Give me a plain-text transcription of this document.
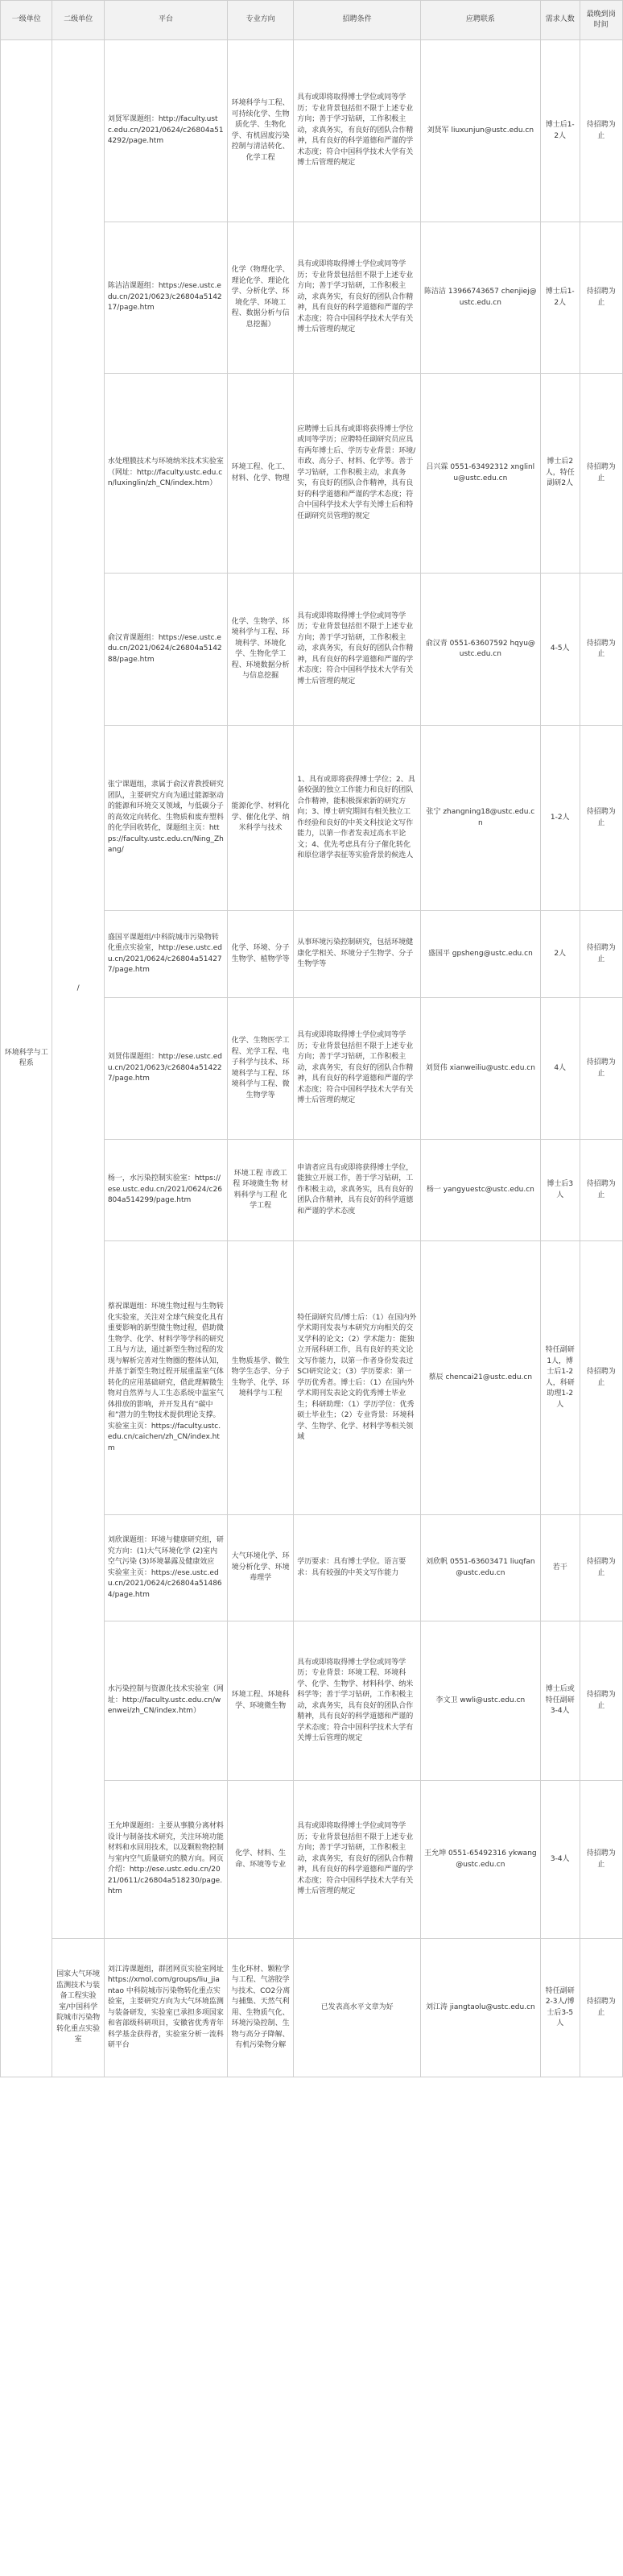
一级单位	二级单位	平台	专业方向	招聘条件	应聘联系	需求人数	最晚到岗时间
环境科学与工程系	/	刘贤军课题组：http://faculty.ustc.edu.cn/2021/0624/c26804a514292/page.htm	环境科学与工程、可持续化学、生物质化学、生物化学、有机固废污染控制与清洁转化、化学工程	具有或即将取得博士学位或同等学历；专业背景包括但不限于上述专业方向；善于学习钻研，工作积极主动，求真务实，有良好的团队合作精神，具有良好的科学道德和严谨的学术态度；符合中国科学技术大学有关博士后管理的规定	刘贤军 liuxunjun@ustc.edu.cn	博士后1-2人	待招聘为止
		陈洁洁课题组：https://ese.ustc.edu.cn/2021/0623/c26804a514217/page.htm	化学（物理化学、理论化学、理论化学、分析化学、环境化学、环境工程、数据分析与信息挖掘）	具有或即将取得博士学位或同等学历；专业背景包括但不限于上述专业方向；善于学习钻研，工作积极主动，求真务实，有良好的团队合作精神，具有良好的科学道德和严谨的学术态度；符合中国科学技术大学有关博士后管理的规定	陈洁洁 13966743657 chenjiej@ustc.edu.cn	博士后1-2人	待招聘为止
		水处理膜技术与环境纳米技术实验室（网址：http://faculty.ustc.edu.cn/luxinglin/zh_CN/index.htm）	环境工程、化工、材料、化学、物理	应聘博士后具有或即将获得博士学位或同等学历；应聘特任副研究员应具有两年博士后、学历专业背景：环境/市政、高分子、材料、化学等。善于学习钻研，工作积极主动，求真务实，有良好的团队合作精神，具有良好的科学道德和严谨的学术态度；符合中国科学技术大学有关博士后和特任副研究员管理的规定	吕兴霖 0551-63492312 xnglinlu@ustc.edu.cn	博士后2人，特任副研2人	待招聘为止
		俞汉青课题组：https://ese.ustc.edu.cn/2021/0624/c26804a514288/page.htm	化学、生物学、环境科学与工程、环境科学、环境化学、生物化学工程、环境数据分析与信息挖掘	具有或即将取得博士学位或同等学历；专业背景包括但不限于上述专业方向；善于学习钻研，工作积极主动，求真务实，有良好的团队合作精神，具有良好的科学道德和严谨的学术态度；符合中国科学技术大学有关博士后管理的规定	俞汉青 0551-63607592 hqyu@ustc.edu.cn	4-5人	待招聘为止
		张宁课题组，隶属于俞汉青教授研究团队，主要研究方向为通过能源驱动的能源和环境交叉领域，与低碳分子的高效定向转化、生物质和废弃塑料的化学回收转化，课题组主页：https://faculty.ustc.edu.cn/Ning_Zhang/	能源化学、材料化学、催化化学、纳米科学与技术	1、具有或即将获得博士学位；2、具备较强的独立工作能力和良好的团队合作精神，能积极探索新的研究方向；3、博士研究期间有相关独立工作经验和良好的中英文科技论文写作能力，以第一作者发表过高水平论文；4、优先考虑具有分子催化转化和原位谱学表征等实验背景的候选人	张宁 zhangning18@ustc.edu.cn	1-2人	待招聘为止
		盛国平课题组/中科院城市污染物转化重点实验室，http://ese.ustc.edu.cn/2021/0624/c26804a514277/page.htm	化学、环境、分子生物学、植物学等	从事环境污染控制研究，包括环境健康化学相关、环境分子生物学、分子生物学等	盛国平 gpsheng@ustc.edu.cn	2人	待招聘为止
		刘贤伟课题组：http://ese.ustc.edu.cn/2021/0623/c26804a514227/page.htm	化学、生物医学工程、光学工程、电子科学与技术、环境科学与工程、环境科学与工程、微生物学等	具有或即将取得博士学位或同等学历；专业背景包括但不限于上述专业方向；善于学习钻研，工作积极主动，求真务实，有良好的团队合作精神，具有良好的科学道德和严谨的学术态度；符合中国科学技术大学有关博士后管理的规定	刘贤伟 xianweiliu@ustc.edu.cn	4人	待招聘为止
		杨一，水污染控制实验室：https://ese.ustc.edu.cn/2021/0624/c26804a514299/page.htm	环境工程 市政工程 环境微生物 材料科学与工程 化学工程	申请者应具有或即将获得博士学位，能独立开展工作，善于学习钻研，工作积极主动，求真务实，具有良好的团队合作精神，具有良好的科学道德和严谨的学术态度	杨一 yangyuestc@ustc.edu.cn	博士后3人	待招聘为止
		蔡祝课题组：环境生物过程与生物转化实验室，关注对全球气候变化具有重要影响的新型微生物过程，借助微生物学、化学、材料学等学科的研究工具与方法，通过新型生物过程的发现与解析完善对生物圈的整体认知，并基于新型生物过程开展重温室气体转化的应用基础研究，借此理解微生物对自然界与人工生态系统中温室气体排放的影响，并开发具有“碳中和”潜力的生物技术提供理论支撑。实验室主页：https://faculty.ustc.edu.cn/caichen/zh_CN/index.htm	生物质基学、微生物学生态学、分子生物学、化学、环境科学与工程	特任副研究员/博士后：（1）在国内外学术期刊发表与本研究方向相关的交叉学科的论文；（2）学术能力：能独立开展科研工作，具有良好的英文论文写作能力，以第一作者身份发表过SCI研究论文；（3）学历要求：第一学历优秀者。博士后：（1）在国内外学术期刊发表论文的优秀博士毕业生；科研助理：（1）学历学位：优秀硕士毕业生；（2）专业背景：环境科学、生物学、化学、材料学等相关领域	蔡辰 chencai21@ustc.edu.cn	特任副研1人，博士后1-2人，科研助理1-2人	待招聘为止
		刘欣课题组：环境与健康研究组，研究方向：(1)大气环境化学 (2)室内空气污染 (3)环境暴露及健康效应 实验室主页：https://ese.ustc.edu.cn/2021/0624/c26804a514864/page.htm	大气环境化学、环境分析化学、环境毒理学	学历要求：具有博士学位。语言要求：具有较强的中英文写作能力	刘欣帆 0551-63603471 liuqfan@ustc.edu.cn	若干	待招聘为止
		水污染控制与资源化技术实验室（网址：http://faculty.ustc.edu.cn/wenwei/zh_CN/index.htm）	环境工程、环境科学、环境微生物	具有或即将取得博士学位或同等学历；专业背景：环境工程、环境科学、化学、生物学、材料科学、纳米科学等；善于学习钻研，工作积极主动，求真务实，具有良好的团队合作精神，具有良好的科学道德和严谨的学术态度；符合中国科学技术大学有关博士后管理的规定	李文卫 wwli@ustc.edu.cn	博士后或特任副研3-4人	待招聘为止
		王允坤课题组：主要从事膜分离材料设计与制备技术研究，关注环境功能材料和水回用技术，以及颗粒物控制与室内空气质量研究的膜方向。网页介绍：http://ese.ustc.edu.cn/2021/0611/c26804a518230/page.htm	化学、材料、生命、环境等专业	具有或即将取得博士学位或同等学历；专业背景包括但不限于上述专业方向；善于学习钻研，工作积极主动，求真务实，有良好的团队合作精神，具有良好的科学道德和严谨的学术态度；符合中国科学技术大学有关博士后管理的规定	王允坤 0551-65492316 ykwang@ustc.edu.cn	3-4人	待招聘为止
	国家大气环境监测技术与装备工程实验室/中国科学院城市污染物转化重点实验室	刘江涛课题组，群团网页实验室网址https://xmol.com/groups/liu_jiantao 中科院城市污染物转化重点实验室，主要研究方向为大气环境监测与装备研发，实验室已承担多项国家和省部级科研项目，安徽省优秀青年科学基金获得者，实验室分析一流科研平台	生化环材、颗粒学与工程、气溶胶学与技术、CO2分离与捕集、天然气利用、生物质气化、环境污染控制、生物与高分子降解、有机污染物分解	已发表高水平文章为好	刘江涛 jiangtaolu@ustc.edu.cn	特任副研2-3人/博士后3-5人	待招聘为止
